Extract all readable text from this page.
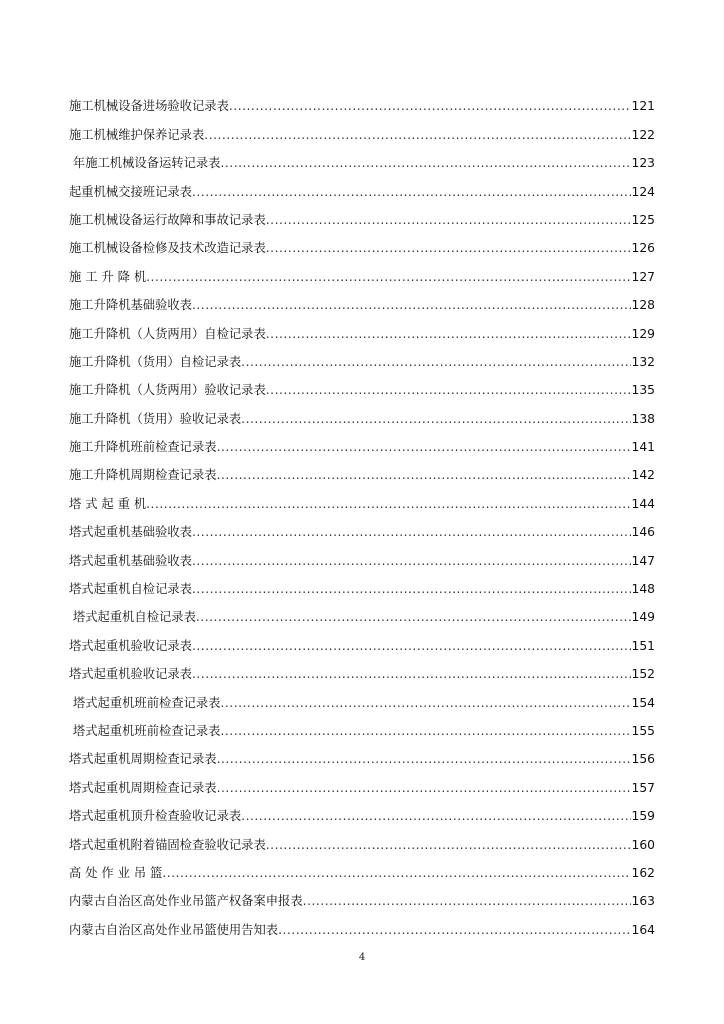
施工机械设备进场验收记录表 .....	121
施工机械维护保养记录表 .....	122
年施工机械设备运转记录表 .....	123
起重机械交接班记录表 .....	124
施工机械设备运行故障和事故记录表 .....	125
施工机械设备检修及技术改造记录表 .....	126
施 工 升 降 机 .....	127
施工升降机基础验收表 .....	128
施工升降机（人货两用）自检记录表 .....	129
施工升降机（货用）自检记录表 .....	132
施工升降机（人货两用）验收记录表 .....	135
施工升降机（货用）验收记录表 .....	138
施工升降机班前检查记录表 .....	141
施工升降机周期检查记录表 .....	142
塔 式 起 重 机 .....	144
塔式起重机基础验收表 .....	146
塔式起重机基础验收表 .....	147
塔式起重机自检记录表 .....	148
塔式起重机自检记录表 .....	149
塔式起重机验收记录表 .....	151
塔式起重机验收记录表 .....	152
塔式起重机班前检查记录表 .....	154
塔式起重机班前检查记录表 .....	155
塔式起重机周期检查记录表 .....	156
塔式起重机周期检查记录表 .....	157
塔式起重机顶升检查验收记录表 .....	159
塔式起重机附着锚固检查验收记录表 .....	160
高 处 作 业 吊 篮 .....	162
内蒙古自治区高处作业吊篮产权备案申报表 .....	163
内蒙古自治区高处作业吊篮使用告知表 .....	164
4
